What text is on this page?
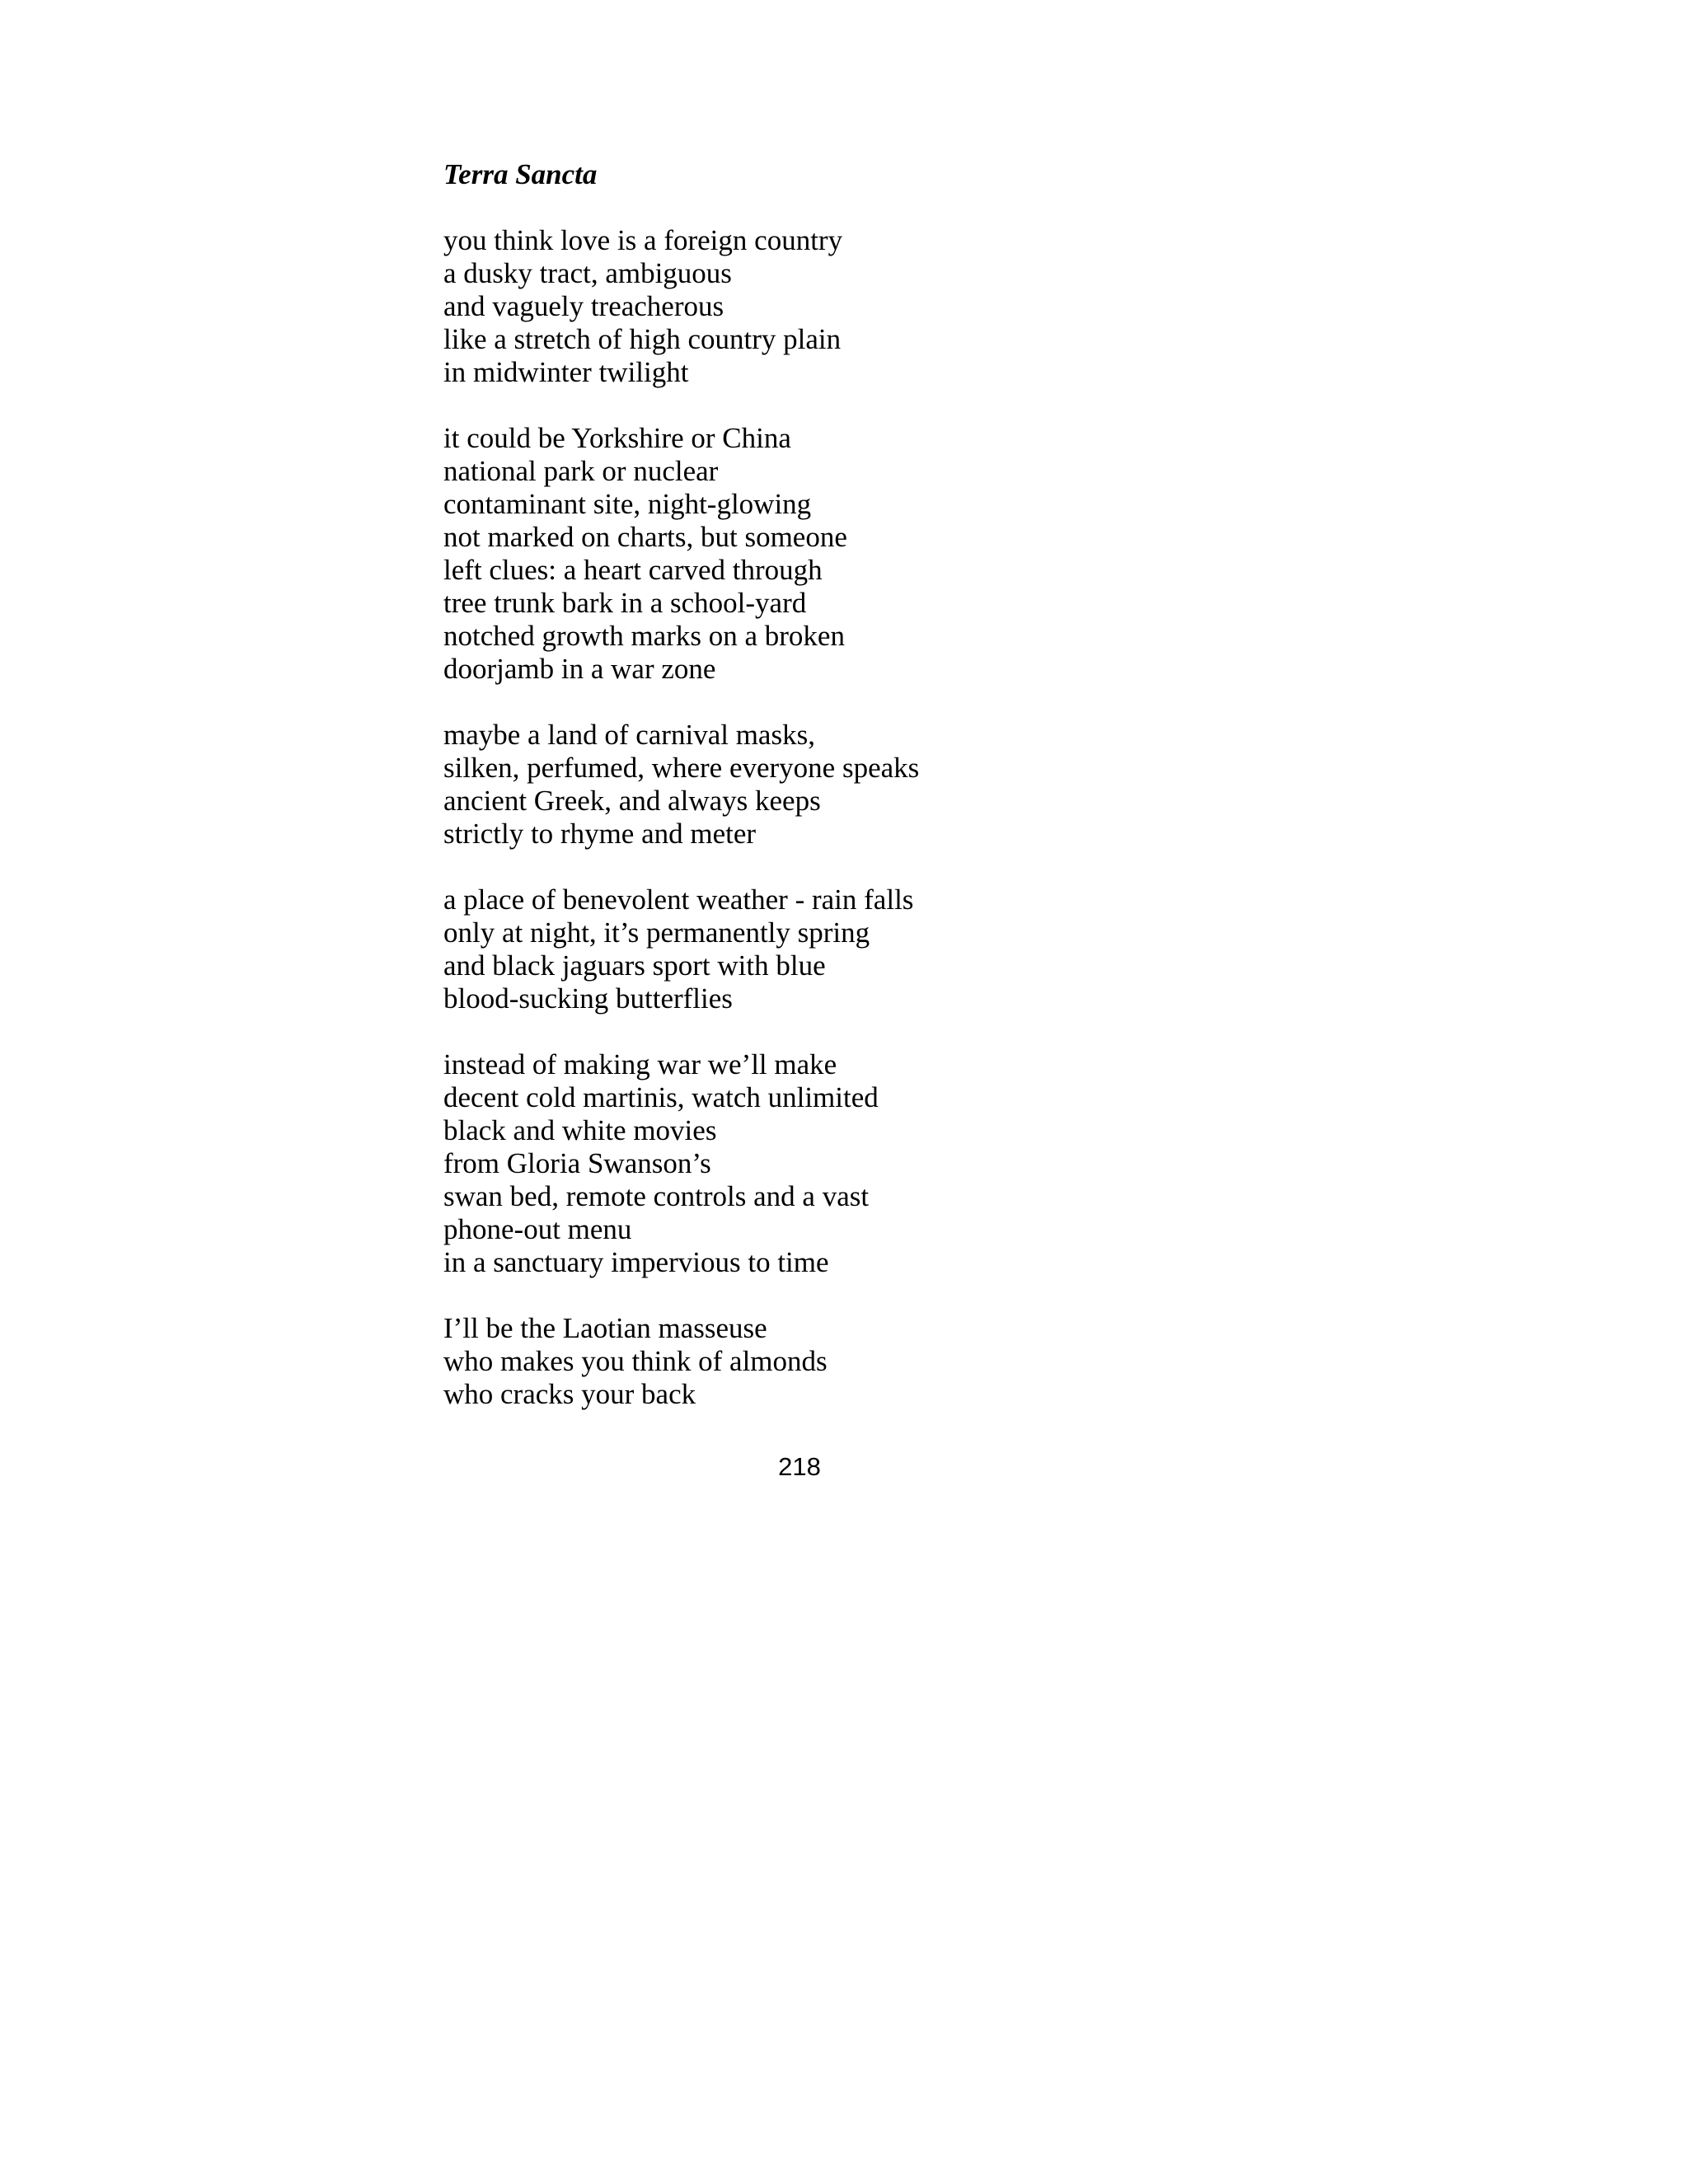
Terra Sancta
you think love is a foreign country
a dusky tract, ambiguous
and vaguely treacherous
like a stretch of high country plain
in midwinter twilight
it could be Yorkshire or China
national park or nuclear
contaminant site, night-glowing
not marked on charts, but someone
left clues: a heart carved through
tree trunk bark in a school-yard
notched growth marks on a broken
doorjamb in a war zone
maybe a land of carnival masks,
silken, perfumed, where everyone speaks
ancient Greek, and always keeps
strictly to rhyme and meter
a place of benevolent weather - rain falls
only at night, it’s permanently spring
and black jaguars sport with blue
blood-sucking butterflies
instead of making war we’ll make
decent cold martinis, watch unlimited
black and white movies
from Gloria Swanson’s
swan bed, remote controls and a vast
phone-out menu
in a sanctuary impervious to time
I’ll be the Laotian masseuse
who makes you think of almonds
who cracks your back
218
